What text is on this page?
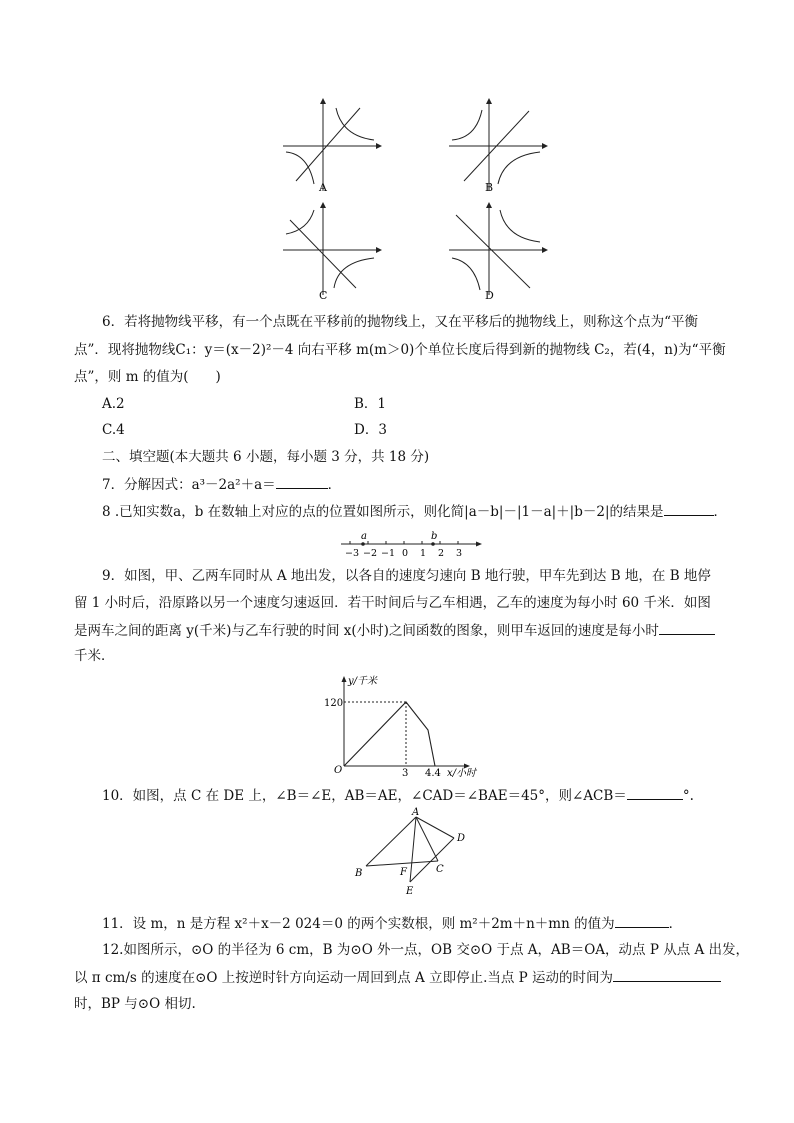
A	B
C	D
6．若将抛物线平移，有一个点既在平移前的抛物线上，又在平移后的抛物线上，则称这个点为“平衡
点”．现将抛物线C₁：y＝(x－2)²－4 向右平移 m(m＞0)个单位长度后得到新的抛物线 C₂，若(4，n)为“平衡
点”，则 m 的值为(　　)
A.2	B．1
C.4	D．3
二、填空题(本大题共 6 小题，每小题 3 分，共 18 分)
7．分解因式：a³－2a²＋a＝	．
8 .已知实数a，b 在数轴上对应的点的位置如图所示，则化简|a－b|－|1－a|＋|b－2|的结果是	．
a	b
−3 −2 −1 0 1 2 3
9．如图，甲、乙两车同时从 A 地出发，以各自的速度匀速向 B 地行驶，甲车先到达 B 地，在 B 地停
留 1 小时后，沿原路以另一个速度匀速返回．若干时间后与乙车相遇，乙车的速度为每小时 60 千米．如图
是两车之间的距离 y(千米)与乙车行驶的时间 x(小时)之间函数的图象，则甲车返回的速度是每小时
千米．
y/千米
x/小时
O
120
3 4.4
10．如图，点 C 在 DE 上，∠B＝∠E，AB＝AE，∠CAD＝∠BAE＝45°，则∠ACB＝	°.
A
B	C
D
E
F
11．设 m，n 是方程 x²＋x－2 024＝0 的两个实数根，则 m²＋2m＋n＋mn 的值为	．
12.如图所示，⊙O 的半径为 6 cm，B 为⊙O 外一点，OB 交⊙O 于点 A，AB＝OA，动点 P 从点 A 出发，
以 π cm/s 的速度在⊙O 上按逆时针方向运动一周回到点 A 立即停止.当点 P 运动的时间为
时，BP 与⊙O 相切.
